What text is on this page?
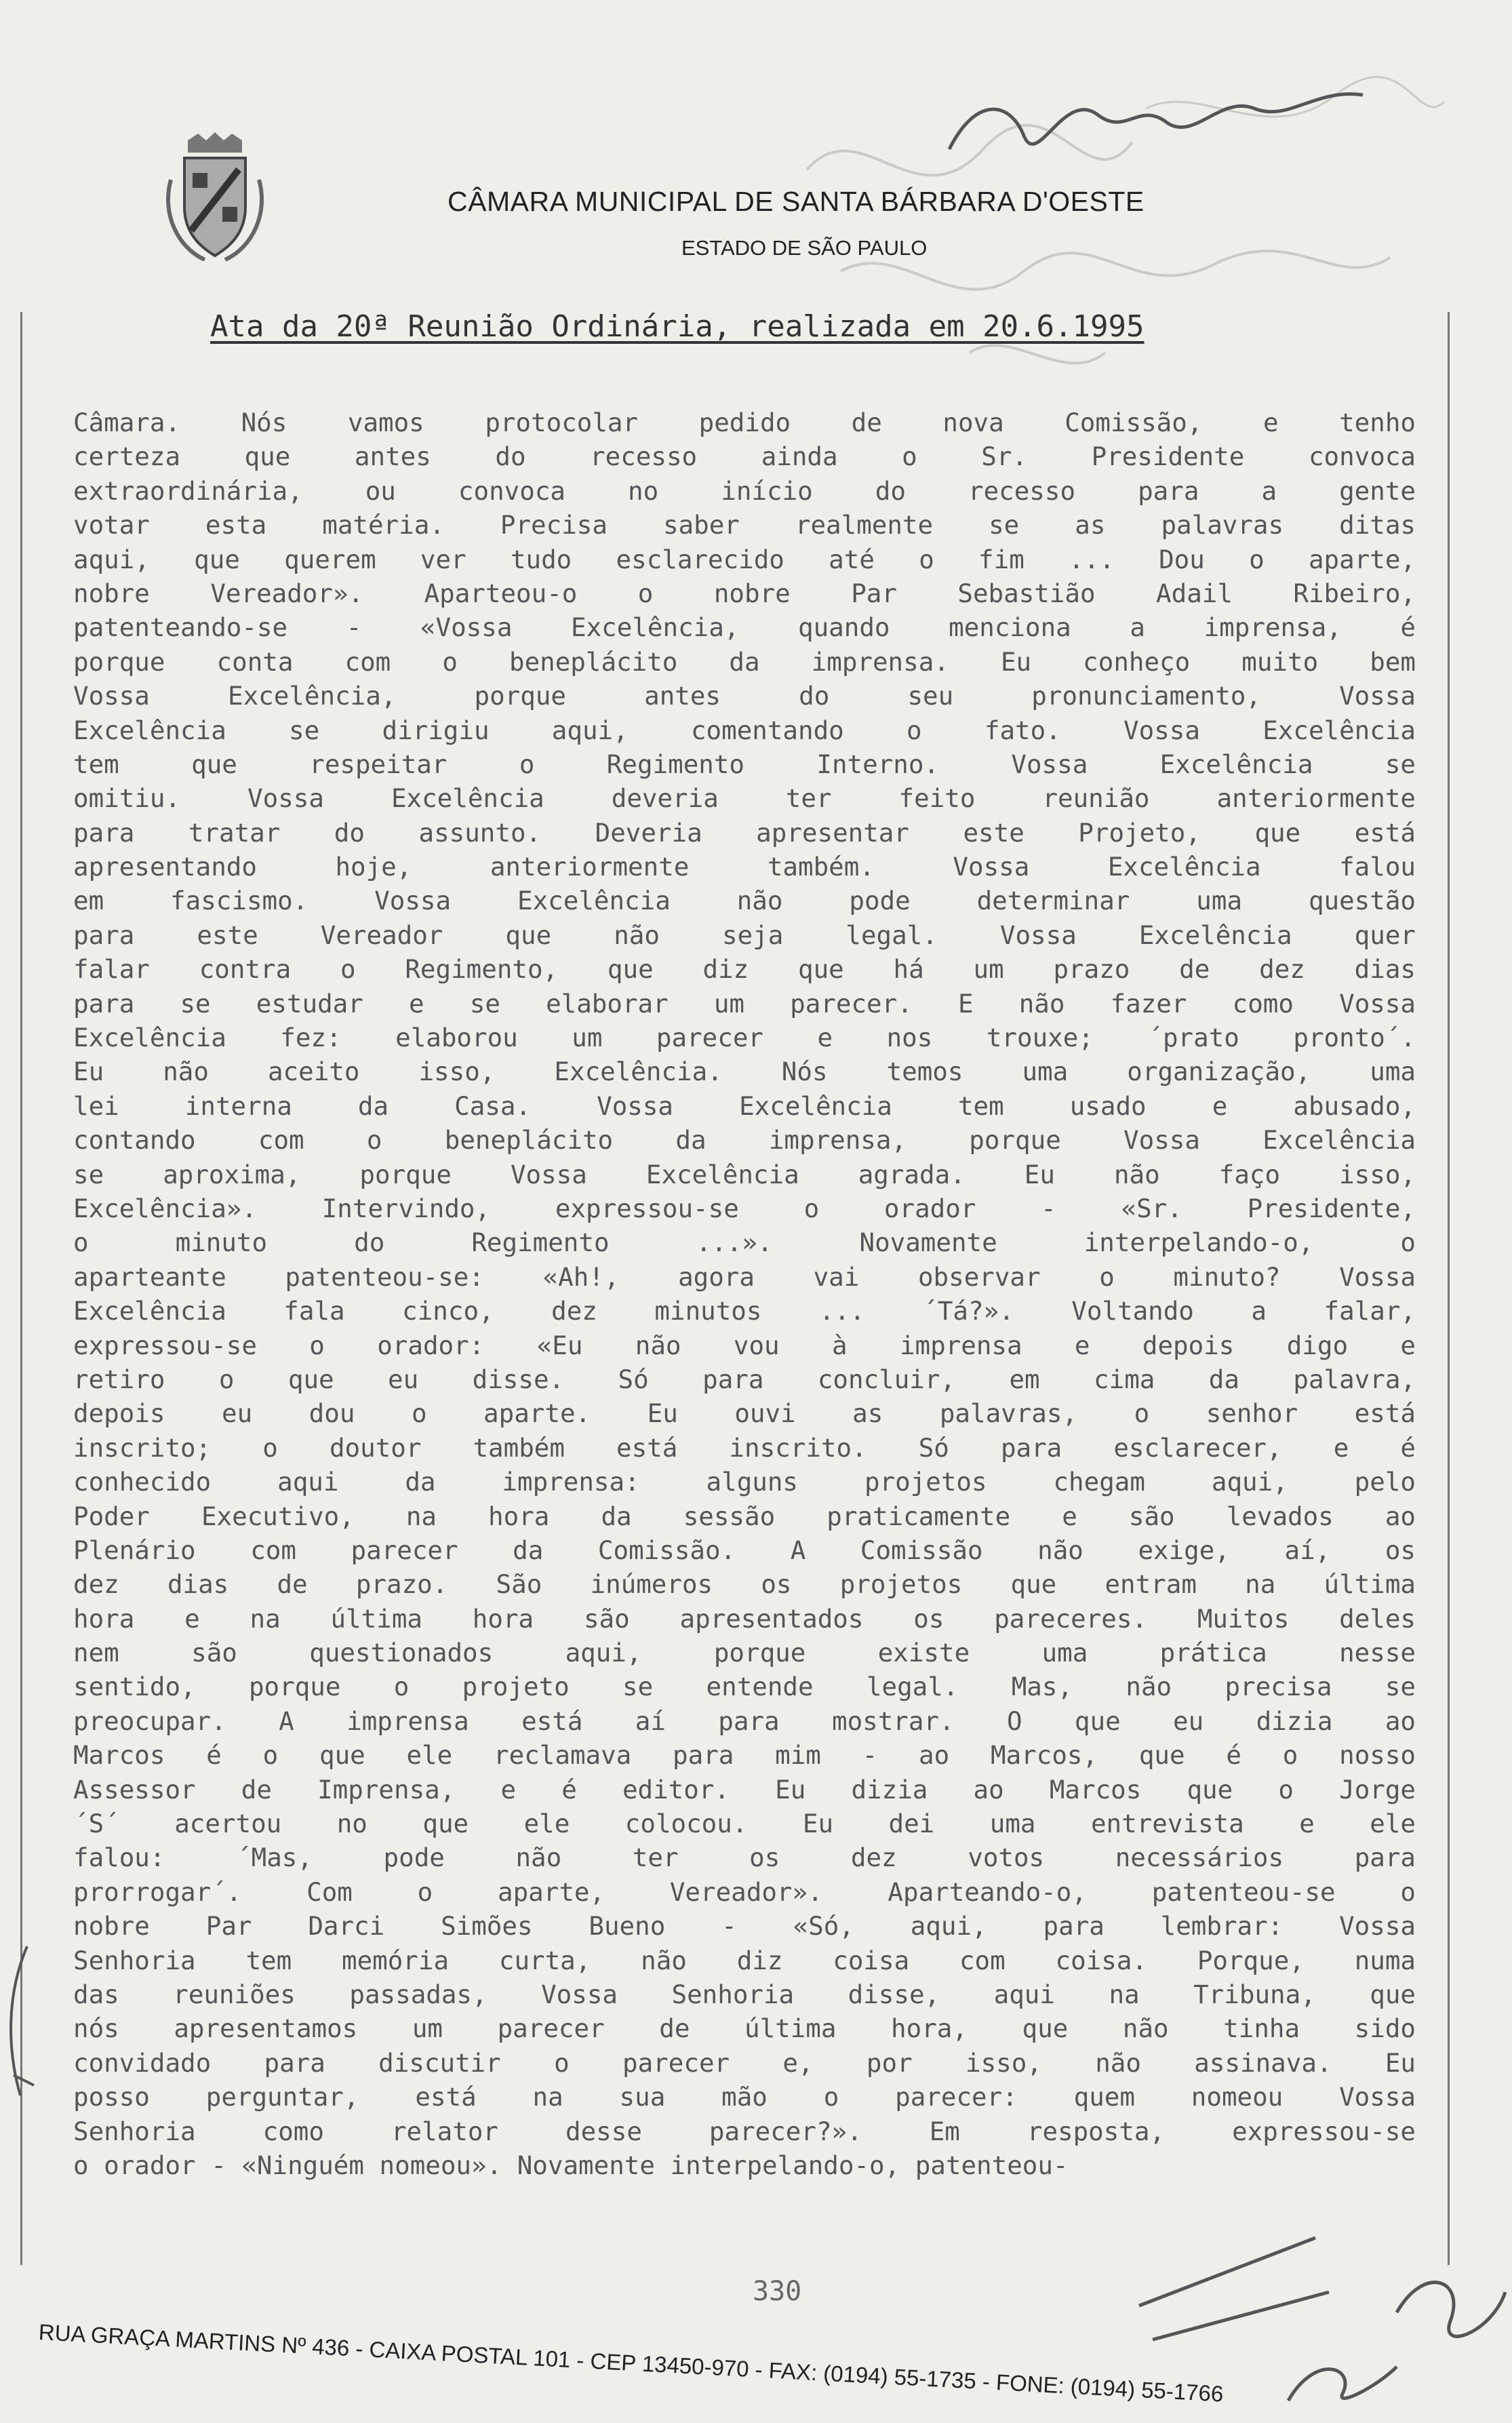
CÂMARA MUNICIPAL DE SANTA BÁRBARA D'OESTE
ESTADO DE SÃO PAULO
Ata da 20ª Reunião Ordinária, realizada em 20.6.1995
Câmara. Nós vamos protocolar pedido de nova Comissão, e tenho
certeza que antes do recesso ainda o Sr. Presidente convoca
extraordinária, ou convoca no início do recesso para a gente
votar esta matéria. Precisa saber realmente se as palavras ditas
aqui, que querem ver tudo esclarecido até o fim ... Dou o aparte,
nobre Vereador». Aparteou-o o nobre Par Sebastião Adail Ribeiro,
patenteando-se - «Vossa Excelência, quando menciona a imprensa, é
porque conta com o beneplácito da imprensa. Eu conheço muito bem
Vossa Excelência, porque antes do seu pronunciamento, Vossa
Excelência se dirigiu aqui, comentando o fato. Vossa Excelência
tem que respeitar o Regimento Interno. Vossa Excelência se
omitiu. Vossa Excelência deveria ter feito reunião anteriormente
para tratar do assunto. Deveria apresentar este Projeto, que está
apresentando hoje, anteriormente também. Vossa Excelência falou
em fascismo. Vossa Excelência não pode determinar uma questão
para este Vereador que não seja legal. Vossa Excelência quer
falar contra o Regimento, que diz que há um prazo de dez dias
para se estudar e se elaborar um parecer. E não fazer como Vossa
Excelência fez: elaborou um parecer e nos trouxe; ´prato pronto´.
Eu não aceito isso, Excelência. Nós temos uma organização, uma
lei interna da Casa. Vossa Excelência tem usado e abusado,
contando com o beneplácito da imprensa, porque Vossa Excelência
se aproxima, porque Vossa Excelência agrada. Eu não faço isso,
Excelência». Intervindo, expressou-se o orador - «Sr. Presidente,
o minuto do Regimento ...». Novamente interpelando-o, o
aparteante patenteou-se: «Ah!, agora vai observar o minuto? Vossa
Excelência fala cinco, dez minutos ... ´Tá?». Voltando a falar,
expressou-se o orador: «Eu não vou à imprensa e depois digo e
retiro o que eu disse. Só para concluir, em cima da palavra,
depois eu dou o aparte. Eu ouvi as palavras, o senhor está
inscrito; o doutor também está inscrito. Só para esclarecer, e é
conhecido aqui da imprensa: alguns projetos chegam aqui, pelo
Poder Executivo, na hora da sessão praticamente e são levados ao
Plenário com parecer da Comissão. A Comissão não exige, aí, os
dez dias de prazo. São inúmeros os projetos que entram na última
hora e na última hora são apresentados os pareceres. Muitos deles
nem são questionados aqui, porque existe uma prática nesse
sentido, porque o projeto se entende legal. Mas, não precisa se
preocupar. A imprensa está aí para mostrar. O que eu dizia ao
Marcos é o que ele reclamava para mim - ao Marcos, que é o nosso
Assessor de Imprensa, e é editor. Eu dizia ao Marcos que o Jorge
´S´ acertou no que ele colocou. Eu dei uma entrevista e ele
falou: ´Mas, pode não ter os dez votos necessários para
prorrogar´. Com o aparte, Vereador». Aparteando-o, patenteou-se o
nobre Par Darci Simões Bueno - «Só, aqui, para lembrar: Vossa
Senhoria tem memória curta, não diz coisa com coisa. Porque, numa
das reuniões passadas, Vossa Senhoria disse, aqui na Tribuna, que
nós apresentamos um parecer de última hora, que não tinha sido
convidado para discutir o parecer e, por isso, não assinava. Eu
posso perguntar, está na sua mão o parecer: quem nomeou Vossa
Senhoria como relator desse parecer?». Em resposta, expressou-se
o orador - «Ninguém nomeou». Novamente interpelando-o, patenteou-
330
RUA GRAÇA MARTINS Nº 436 - CAIXA POSTAL 101 - CEP 13450-970 - FAX: (0194) 55-1735 - FONE: (0194) 55-1766
